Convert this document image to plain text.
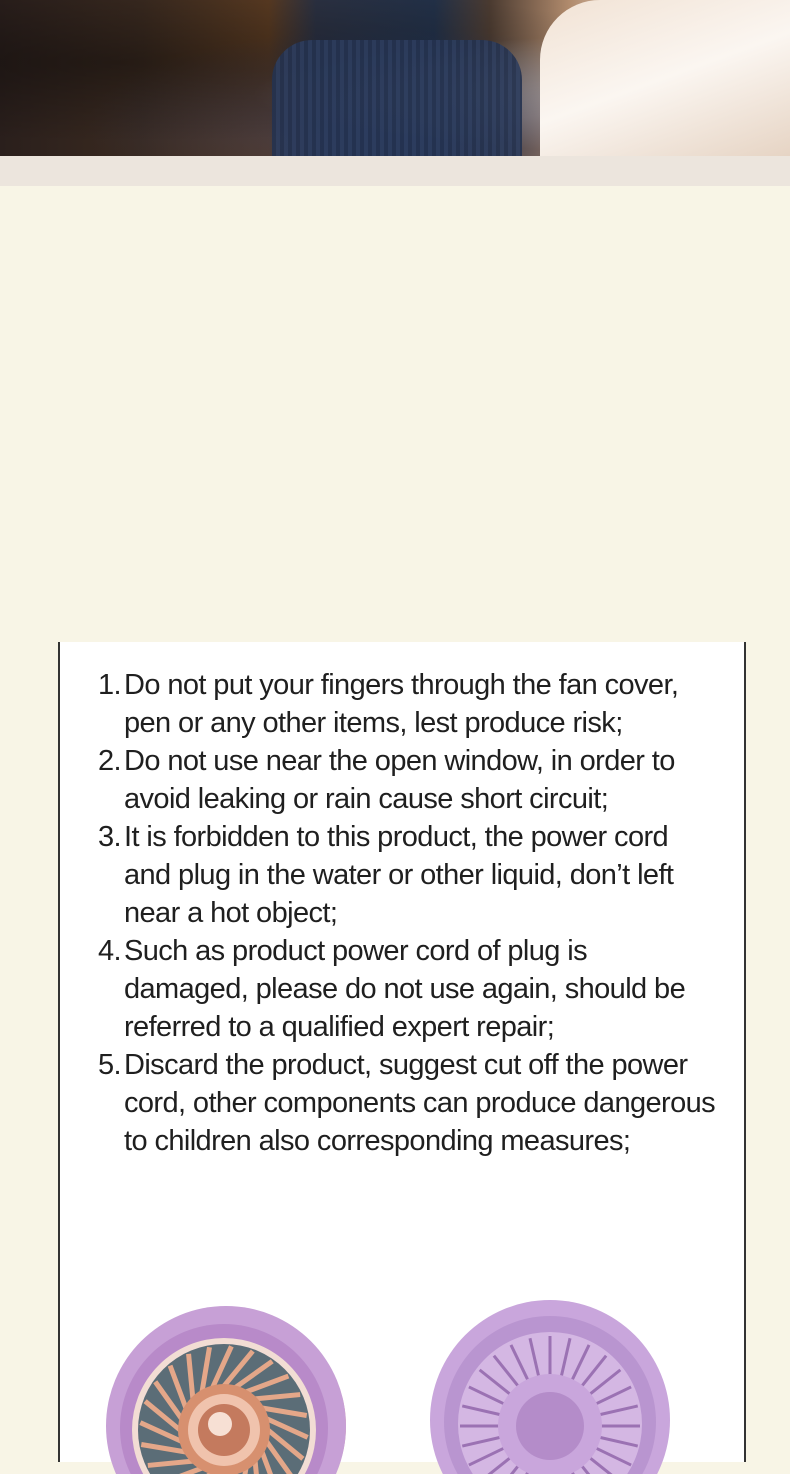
1. Do not put your fingers through the fan cover, pen or any other items, lest produce risk;
2. Do not use near the open window, in order to avoid leaking or rain cause short circuit;
3. It is forbidden to this product, the power cord and plug in the water or other liquid, don’t left near a hot object;
4. Such as product power cord of plug is damaged, please do not use again, should be referred to a qualified expert repair;
5. Discard the product, suggest cut off the power cord, other components can produce dangerous to children also corresponding measures;
